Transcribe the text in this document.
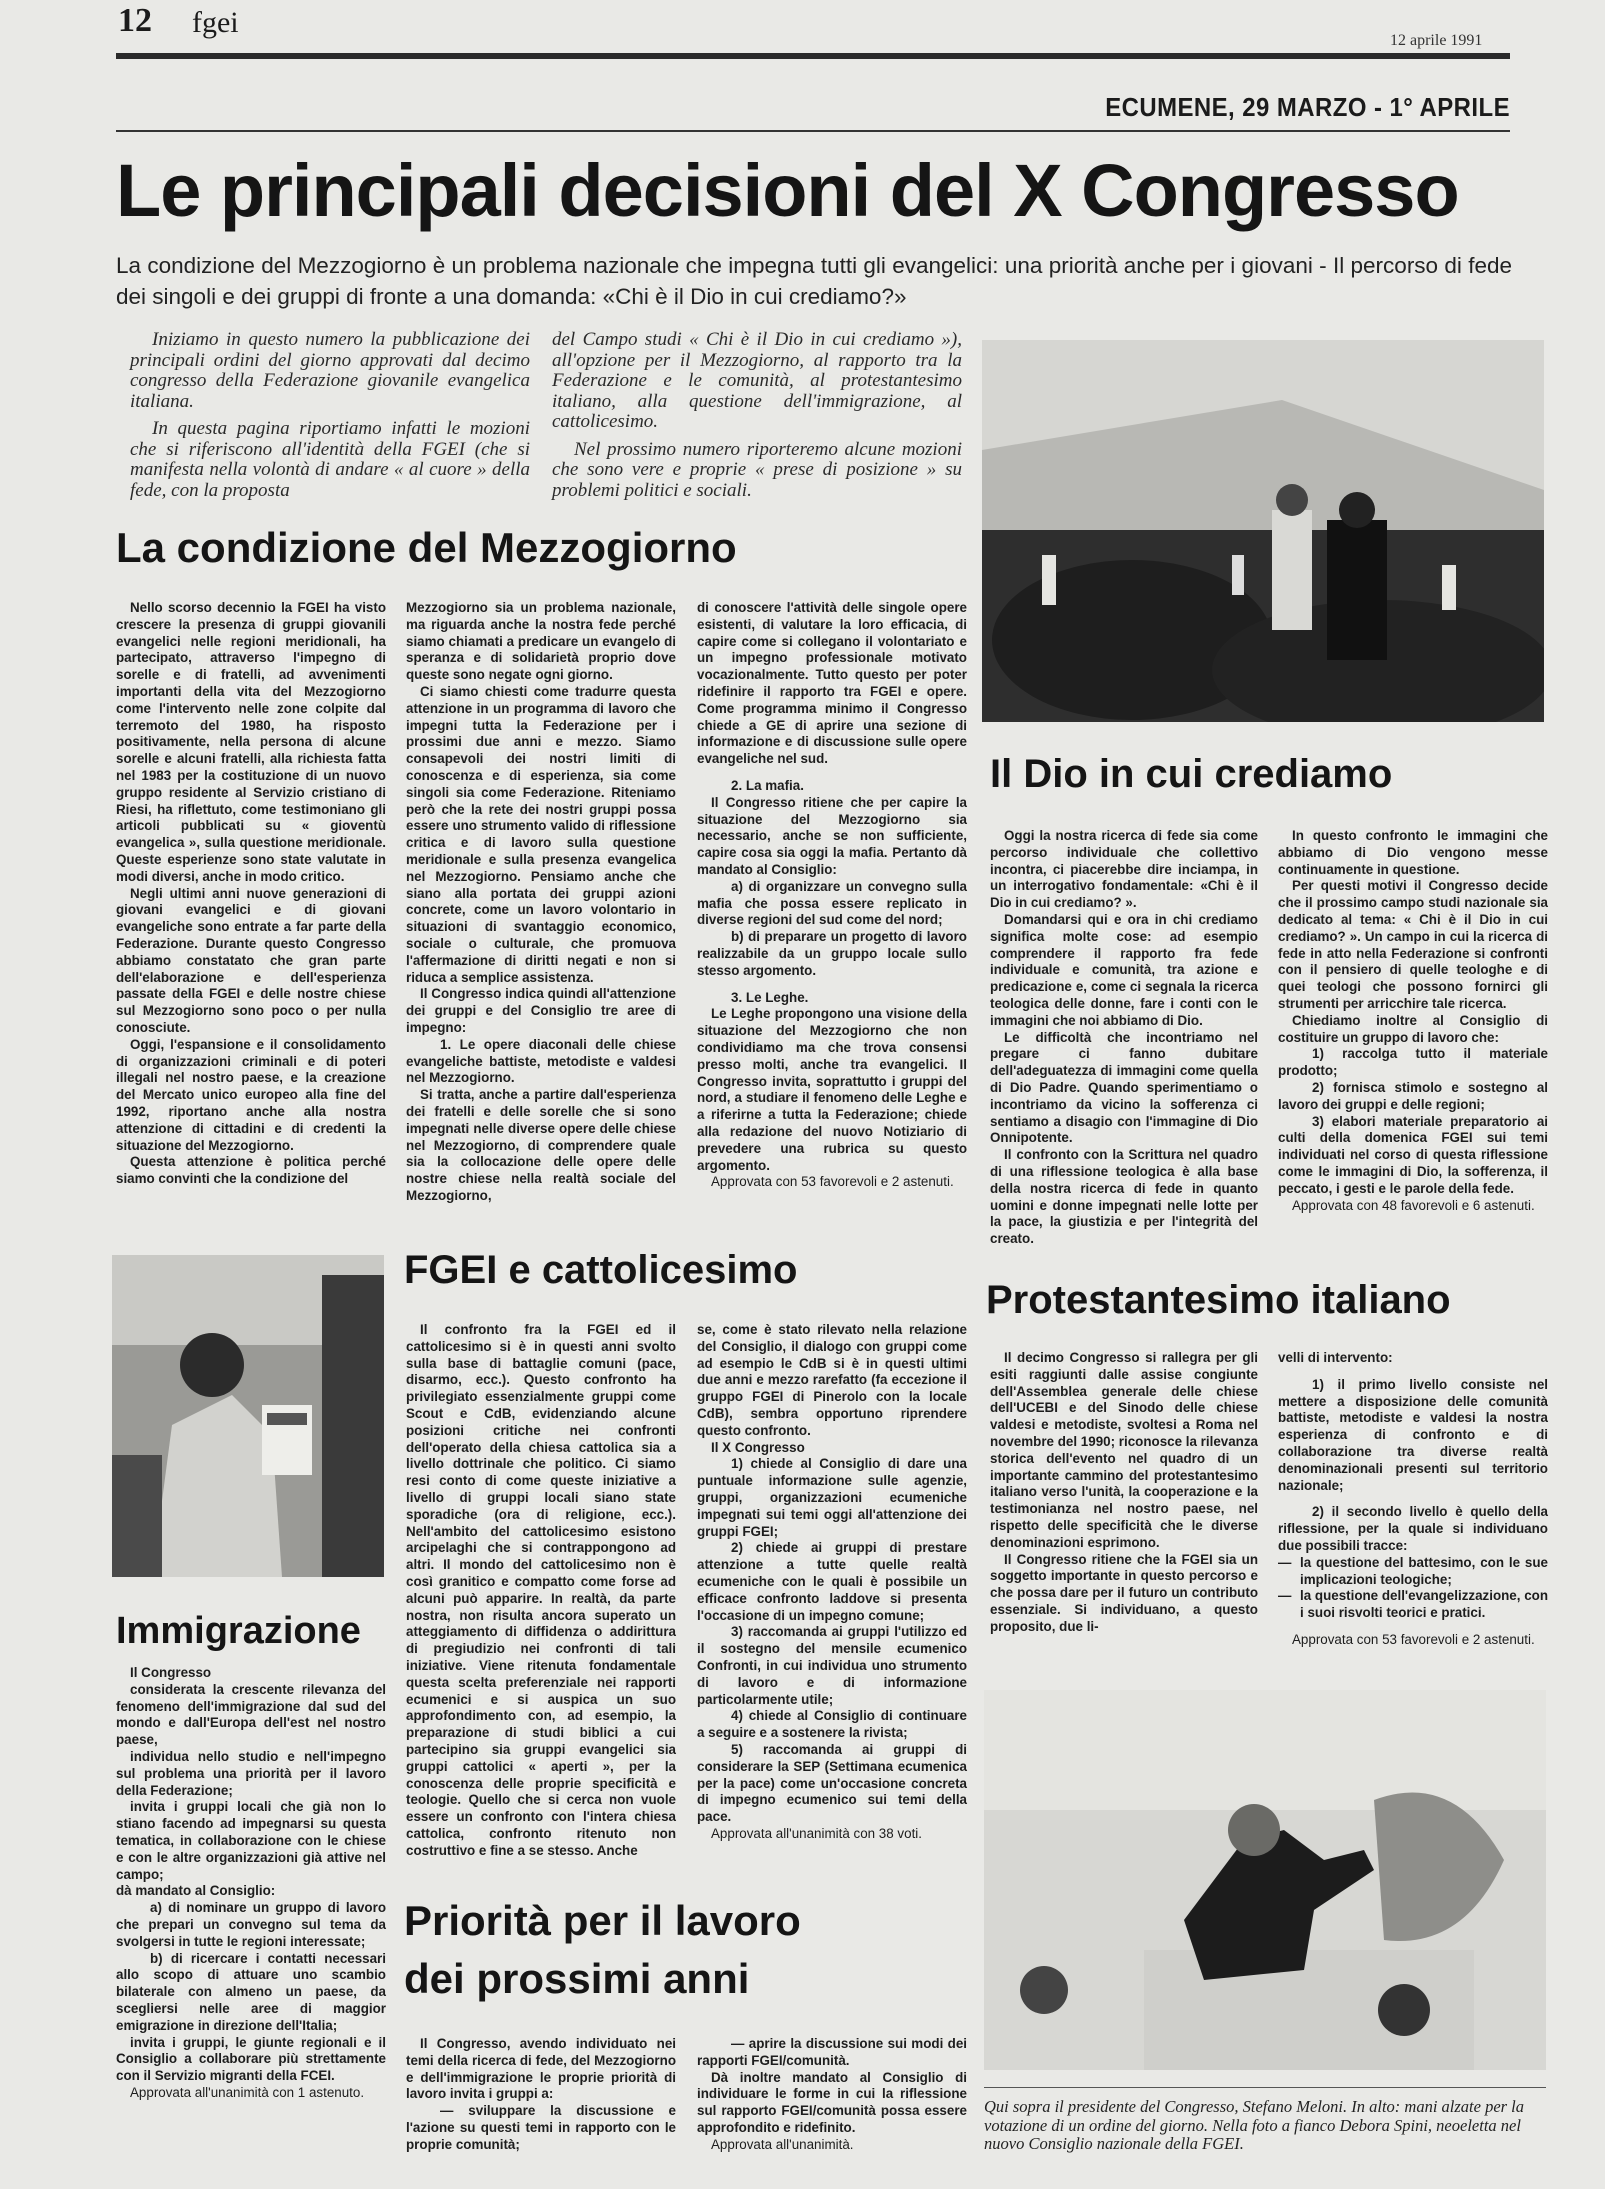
12 fgei
12 aprile 1991
ECUMENE, 29 MARZO - 1° APRILE
Le principali decisioni del X Congresso
La condizione del Mezzogiorno è un problema nazionale che impegna tutti gli evangelici: una priorità anche per i giovani - Il percorso di fede dei singoli e dei gruppi di fronte a una domanda: «Chi è il Dio in cui crediamo?»

Iniziamo in questo numero la pubblicazione dei principali ordini del giorno approvati dal decimo congresso della Federazione giovanile evangelica italiana.

In questa pagina riportiamo infatti le mozioni che si riferiscono all'identità della FGEI (che si manifesta nella volontà di andare « al cuore » della fede, con la proposta

del Campo studi « Chi è il Dio in cui crediamo »), all'opzione per il Mezzogiorno, al rapporto tra la Federazione e le comunità, al protestantesimo italiano, alla questione dell'immigrazione, al cattolicesimo.

Nel prossimo numero riporteremo alcune mozioni che sono vere e proprie « prese di posizione » su problemi politici e sociali.

La condizione del Mezzogiorno

Nello scorso decennio la FGEI ha visto crescere la presenza di gruppi giovanili evangelici nelle regioni meridionali, ha partecipato, attraverso l'impegno di sorelle e di fratelli, ad avvenimenti importanti della vita del Mezzogiorno come l'intervento nelle zone colpite dal terremoto del 1980, ha risposto positivamente, nella persona di alcune sorelle e alcuni fratelli, alla richiesta fatta nel 1983 per la costituzione di un nuovo gruppo residente al Servizio cristiano di Riesi, ha riflettuto, come testimoniano gli articoli pubblicati su « gioventù evangelica », sulla questione meridionale. Queste esperienze sono state valutate in modi diversi, anche in modo critico.

Negli ultimi anni nuove generazioni di giovani evangelici e di giovani evangeliche sono entrate a far parte della Federazione. Durante questo Congresso abbiamo constatato che gran parte dell'elaborazione e dell'esperienza passate della FGEI e delle nostre chiese sul Mezzogiorno sono poco o per nulla conosciute.

Oggi, l'espansione e il consolidamento di organizzazioni criminali e di poteri illegali nel nostro paese, e la creazione del Mercato unico europeo alla fine del 1992, riportano anche alla nostra attenzione di cittadini e di credenti la situazione del Mezzogiorno.

Questa attenzione è politica perché siamo convinti che la condizione del

Mezzogiorno sia un problema nazionale, ma riguarda anche la nostra fede perché siamo chiamati a predicare un evangelo di speranza e di solidarietà proprio dove queste sono negate ogni giorno.

Ci siamo chiesti come tradurre questa attenzione in un programma di lavoro che impegni tutta la Federazione per i prossimi due anni e mezzo. Siamo consapevoli dei nostri limiti di conoscenza e di esperienza, sia come singoli sia come Federazione. Riteniamo però che la rete dei nostri gruppi possa essere uno strumento valido di riflessione critica e di lavoro sulla questione meridionale e sulla presenza evangelica nel Mezzogiorno. Pensiamo anche che siano alla portata dei gruppi azioni concrete, come un lavoro volontario in situazioni di svantaggio economico, sociale o culturale, che promuova l'affermazione di diritti negati e non si riduca a semplice assistenza.

Il Congresso indica quindi all'attenzione dei gruppi e del Consiglio tre aree di impegno:

1. Le opere diaconali delle chiese evangeliche battiste, metodiste e valdesi nel Mezzogiorno.

Si tratta, anche a partire dall'esperienza dei fratelli e delle sorelle che si sono impegnati nelle diverse opere delle chiese nel Mezzogiorno, di comprendere quale sia la collocazione delle opere delle nostre chiese nella realtà sociale del Mezzogiorno,

di conoscere l'attività delle singole opere esistenti, di valutare la loro efficacia, di capire come si collegano il volontariato e un impegno professionale motivato vocazionalmente. Tutto questo per poter ridefinire il rapporto tra FGEI e opere. Come programma minimo il Congresso chiede a GE di aprire una sezione di informazione e di discussione sulle opere evangeliche nel sud.

2. La mafia.

Il Congresso ritiene che per capire la situazione del Mezzogiorno sia necessario, anche se non sufficiente, capire cosa sia oggi la mafia. Pertanto dà mandato al Consiglio:

a) di organizzare un convegno sulla mafia che possa essere replicato in diverse regioni del sud come del nord;

b) di preparare un progetto di lavoro realizzabile da un gruppo locale sullo stesso argomento.

3. Le Leghe.

Le Leghe propongono una visione della situazione del Mezzogiorno che non condividiamo ma che trova consensi presso molti, anche tra evangelici. Il Congresso invita, soprattutto i gruppi del nord, a studiare il fenomeno delle Leghe e a riferirne a tutta la Federazione; chiede alla redazione del nuovo Notiziario di prevedere una rubrica su questo argomento.

Approvata con 53 favorevoli e 2 astenuti.

Il Dio in cui crediamo

Oggi la nostra ricerca di fede sia come percorso individuale che collettivo incontra, ci piacerebbe dire inciampa, in un interrogativo fondamentale: «Chi è il Dio in cui crediamo? ».

Domandarsi qui e ora in chi crediamo significa molte cose: ad esempio comprendere il rapporto fra fede individuale e comunità, tra azione e predicazione e, come ci segnala la ricerca teologica delle donne, fare i conti con le immagini che noi abbiamo di Dio.

Le difficoltà che incontriamo nel pregare ci fanno dubitare dell'adeguatezza di immagini come quella di Dio Padre. Quando sperimentiamo o incontriamo da vicino la sofferenza ci sentiamo a disagio con l'immagine di Dio Onnipotente.

Il confronto con la Scrittura nel quadro di una riflessione teologica è alla base della nostra ricerca di fede in quanto uomini e donne impegnati nelle lotte per la pace, la giustizia e per l'integrità del creato.

In questo confronto le immagini che abbiamo di Dio vengono messe continuamente in questione.

Per questi motivi il Congresso decide che il prossimo campo studi nazionale sia dedicato al tema: « Chi è il Dio in cui crediamo? ». Un campo in cui la ricerca di fede in atto nella Federazione si confronti con il pensiero di quelle teologhe e di quei teologi che possono fornirci gli strumenti per arricchire tale ricerca.

Chiediamo inoltre al Consiglio di costituire un gruppo di lavoro che:

1) raccolga tutto il materiale prodotto;

2) fornisca stimolo e sostegno al lavoro dei gruppi e delle regioni;

3) elabori materiale preparatorio ai culti della domenica FGEI sui temi individuati nel corso di questa riflessione come le immagini di Dio, la sofferenza, il peccato, i gesti e le parole della fede.

Approvata con 48 favorevoli e 6 astenuti.

Immigrazione

Il Congresso

considerata la crescente rilevanza del fenomeno dell'immigrazione dal sud del mondo e dall'Europa dell'est nel nostro paese,

individua nello studio e nell'impegno sul problema una priorità per il lavoro della Federazione;

invita i gruppi locali che già non lo stiano facendo ad impegnarsi su questa tematica, in collaborazione con le chiese e con le altre organizzazioni già attive nel campo;

dà mandato al Consiglio:

a) di nominare un gruppo di lavoro che prepari un convegno sul tema da svolgersi in tutte le regioni interessate;

b) di ricercare i contatti necessari allo scopo di attuare uno scambio bilaterale con almeno un paese, da scegliersi nelle aree di maggior emigrazione in direzione dell'Italia;

invita i gruppi, le giunte regionali e il Consiglio a collaborare più strettamente con il Servizio migranti della FCEI.

Approvata all'unanimità con 1 astenuto.

FGEI e cattolicesimo

Il confronto fra la FGEI ed il cattolicesimo si è in questi anni svolto sulla base di battaglie comuni (pace, disarmo, ecc.). Questo confronto ha privilegiato essenzialmente gruppi come Scout e CdB, evidenziando alcune posizioni critiche nei confronti dell'operato della chiesa cattolica sia a livello dottrinale che politico. Ci siamo resi conto di come queste iniziative a livello di gruppi locali siano state sporadiche (ora di religione, ecc.). Nell'ambito del cattolicesimo esistono arcipelaghi che si contrappongono ad altri. Il mondo del cattolicesimo non è così granitico e compatto come forse ad alcuni può apparire. In realtà, da parte nostra, non risulta ancora superato un atteggiamento di diffidenza o addirittura di pregiudizio nei confronti di tali iniziative. Viene ritenuta fondamentale questa scelta preferenziale nei rapporti ecumenici e si auspica un suo approfondimento con, ad esempio, la preparazione di studi biblici a cui partecipino sia gruppi evangelici sia gruppi cattolici « aperti », per la conoscenza delle proprie specificità e teologie. Quello che si cerca non vuole essere un confronto con l'intera chiesa cattolica, confronto ritenuto non costruttivo e fine a se stesso. Anche

se, come è stato rilevato nella relazione del Consiglio, il dialogo con gruppi come ad esempio le CdB si è in questi ultimi due anni e mezzo rarefatto (fa eccezione il gruppo FGEI di Pinerolo con la locale CdB), sembra opportuno riprendere questo confronto.

Il X Congresso

1) chiede al Consiglio di dare una puntuale informazione sulle agenzie, gruppi, organizzazioni ecumeniche impegnati sui temi oggi all'attenzione dei gruppi FGEI;

2) chiede ai gruppi di prestare attenzione a tutte quelle realtà ecumeniche con le quali è possibile un efficace confronto laddove si presenta l'occasione di un impegno comune;

3) raccomanda ai gruppi l'utilizzo ed il sostegno del mensile ecumenico Confronti, in cui individua uno strumento di lavoro e di informazione particolarmente utile;

4) chiede al Consiglio di continuare a seguire e a sostenere la rivista;

5) raccomanda ai gruppi di considerare la SEP (Settimana ecumenica per la pace) come un'occasione concreta di impegno ecumenico sui temi della pace.

Approvata all'unanimità con 38 voti.

Protestantesimo italiano

Il decimo Congresso si rallegra per gli esiti raggiunti dalle assise congiunte dell'Assemblea generale delle chiese dell'UCEBI e del Sinodo delle chiese valdesi e metodiste, svoltesi a Roma nel novembre del 1990; riconosce la rilevanza storica dell'evento nel quadro di un importante cammino del protestantesimo italiano verso l'unità, la cooperazione e la testimonianza nel nostro paese, nel rispetto delle specificità che le diverse denominazioni esprimono.

Il Congresso ritiene che la FGEI sia un soggetto importante in questo percorso e che possa dare per il futuro un contributo essenziale. Si individuano, a questo proposito, due li-

velli di intervento:

1) il primo livello consiste nel mettere a disposizione delle comunità battiste, metodiste e valdesi la nostra esperienza di confronto e di collaborazione tra diverse realtà denominazionali presenti sul territorio nazionale;

2) il secondo livello è quello della riflessione, per la quale si individuano due possibili tracce:

— la questione del battesimo, con le sue implicazioni teologiche;

— la questione dell'evangelizzazione, con i suoi risvolti teorici e pratici.

Approvata con 53 favorevoli e 2 astenuti.

Priorità per il lavoro
dei prossimi anni

Il Congresso, avendo individuato nei temi della ricerca di fede, del Mezzogiorno e dell'immigrazione le proprie priorità di lavoro invita i gruppi a:

— sviluppare la discussione e l'azione su questi temi in rapporto con le proprie comunità;

— aprire la discussione sui modi dei rapporti FGEI/comunità.

Dà inoltre mandato al Consiglio di individuare le forme in cui la riflessione sul rapporto FGEI/comunità possa essere approfondito e ridefinito.

Approvata all'unanimità.

Qui sopra il presidente del Congresso, Stefano Meloni. In alto: mani alzate per la votazione di un ordine del giorno. Nella foto a fianco Debora Spini, neoeletta nel nuovo Consiglio nazionale della FGEI.
